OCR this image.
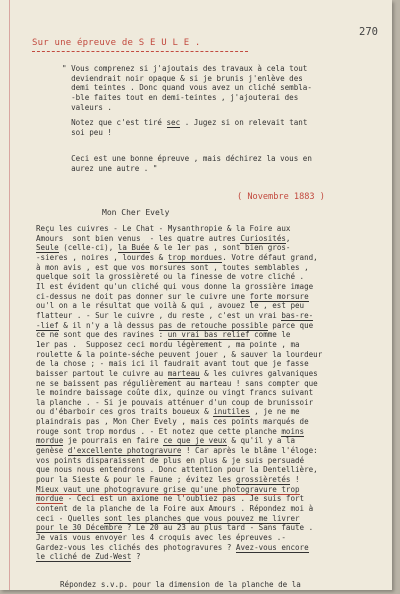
270
Sur une épreuve de S E U L E .
" Vous comprenez si j'ajoutais des travaux à cela tout
deviendrait noir opaque & si je brunis j'enlève des
demi teintes . Donc quand vous avez un cliché sembla-
-ble faites tout en demi-teintes , j'ajouterai des
valeurs .
Notez que c'est tiré sec . Jugez si on relevait tant
soi peu !
Ceci est une bonne épreuve , mais déchirez la vous en
aurez une autre . "
( Novembre 1883 )
Mon Cher Evely
Reçu les cuivres - Le Chat - Mysanthropie & la Foire aux
Amours  sont bien venus  - les quatre autres Curiosités,
Seule (celle-ci), la Buée & le 1er pas , sont bien gros-
-sieres , noires , lourdes & trop mordues. Votre défaut grand,
à mon avis , est que vos morsures sont , toutes semblables ,
quelque soit la grossièreté ou la finesse de votre cliché .
Il est évident qu'un cliché qui vous donne la grossière image
ci-dessus ne doit pas donner sur le cuivre une forte morsure
ou'l on a le résultat que voilà & qui , avouez le , est peu
flatteur . - Sur le cuivre , du reste , c'est un vrai bas-re-
-lief & il n'y a là dessus pas de retouche possible parce que
ce ne sont que des ravines : un vrai bas relief comme le
1er pas .  Supposez ceci mordu légèrement , ma pointe , ma
roulette & la pointe-séche peuvent jouer , & sauver la lourdeur
de la chose ; - mais ici il faudrait avant tout que je fasse
baisser partout le cuivre au marteau & les cuivres galvaniques
ne se baissent pas régulièrement au marteau ! sans compter que
le moindre baissage coûte dix, quinze ou vingt francs suivant
la planche . - Si je pouvais atténuer d'un coup de brunissoir
ou d'ébarboir ces gros traits boueux & inutiles , je ne me
plaindrais pas , Mon Cher Evely , mais ces points marqués de
rouge sont trop mordus . - Et notez que cette planche moins
mordue je pourrais en faire ce que je veux & qu'il y a la
genèse d'excellente photogravure ! Car après le blâme l'éloge:
vos points disparaissent de plus en plus & je suis persuadé
que nous nous entendrons . Donc attention pour la Dentellière,
pour la Sieste & pour le Faune ; évitez les grossièretés !
Mieux vaut une photogravure grise qu'une photogravure trop
mordue - Ceci est un axiome ne l'oubliez pas . Je suis fort
content de la planche de la Foire aux Amours . Répondez moi à
ceci - Quelles sont les planches que vous pouvez me livrer
pour le 30 Décembre ? Le 20 au 23 au plus tard - Sans faute .
Je vais vous envoyer les 4 croquis avec les épreuves .-
Gardez-vous les clichés des photogravures ? Avez-vous encore
le cliché de Zud-West ?
Répondez s.v.p. pour la dimension de la planche de la
